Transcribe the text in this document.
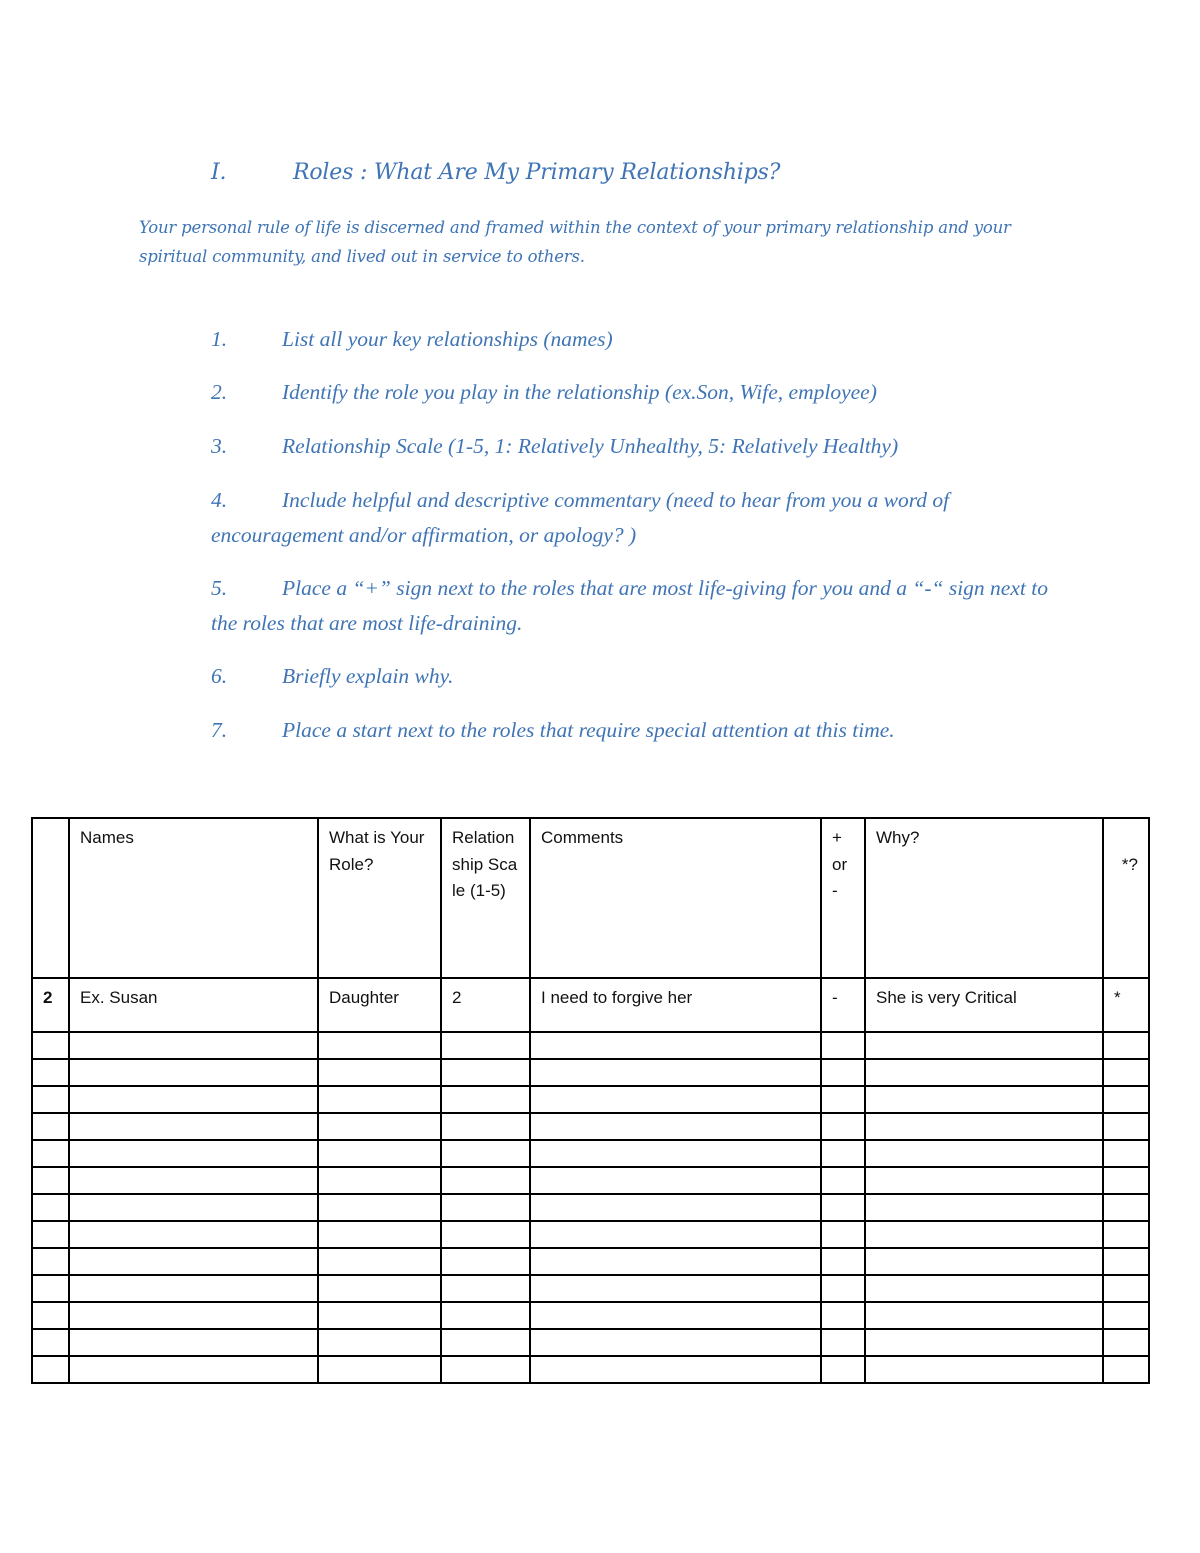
I.	Roles : What Are My Primary Relationships?
Your personal rule of life is discerned and framed within the context of your primary relationship and your spiritual community, and lived out in service to others.

1.	List all your key relationships (names)

2.	Identify the role you play in the relationship (ex.Son, Wife, employee)

3.	Relationship Scale (1-5, 1: Relatively Unhealthy, 5: Relatively Healthy)

4.	Include helpful and descriptive commentary (need to hear from you a word of encouragement and/or affirmation, or apology? )

5.	Place a “+” sign next to the roles that are most life-giving for you and a “-“ sign next to the roles that are most life-draining.

6.	Briefly explain why.

7.	Place a start next to the roles that require special attention at this time.

	Names	What is Your Role?	Relationship Scale (1-5)	Comments	+ or -	Why?	*?
2	Ex. Susan	Daughter	2	I need to forgive her	-	She is very Critical	*
